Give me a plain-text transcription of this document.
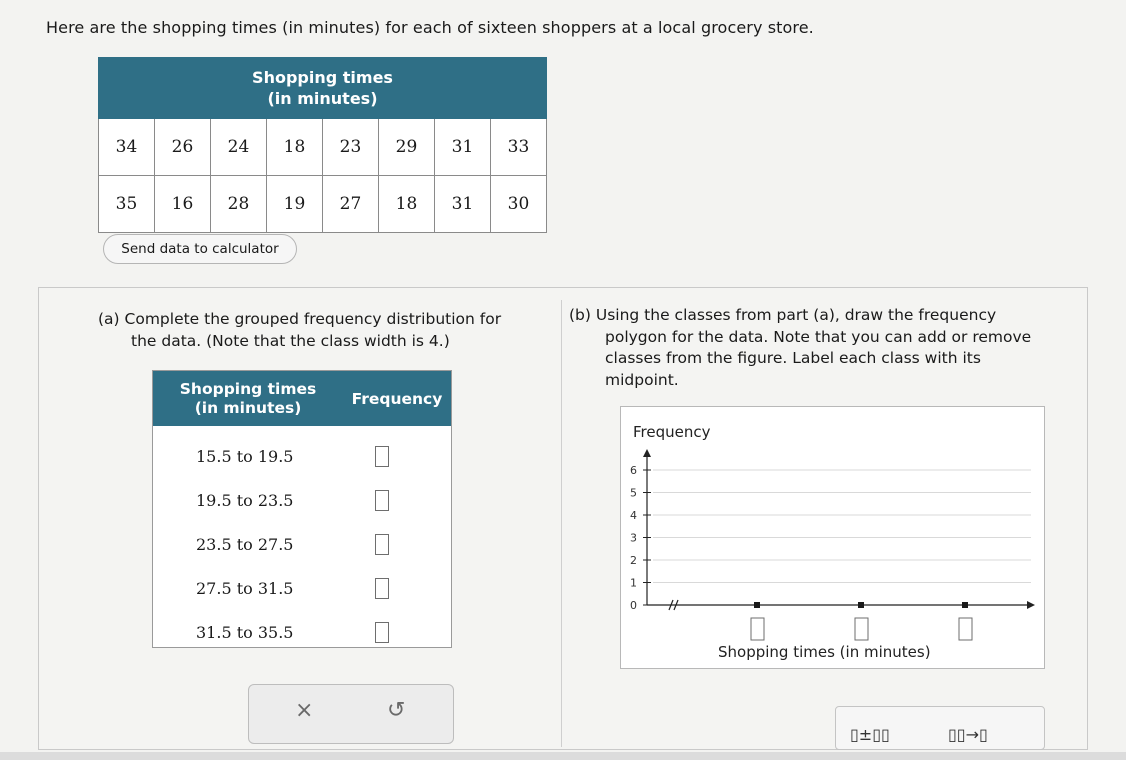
Here are the shopping times (in minutes) for each of sixteen shoppers at a local grocery store.
Shopping times
(in minutes)							
34	26	24	18	23	29	31	33
35	16	28	19	27	18	31	30
Send data to calculator
(a) Complete the grouped frequency distribution for
the data. (Note that the class width is 4.)
(b) Using the classes from part (a), draw the frequency
polygon for the data. Note that you can add or remove
classes from the figure. Label each class with its
midpoint.
Shopping times
(in minutes)	Frequency
15.5 to 19.5
19.5 to 23.5
23.5 to 27.5
27.5 to 31.5
31.5 to 35.5
Frequency
Shopping times (in minutes)
0
1
2
3
4
5
6
×	↺
▯±▯▯	▯▯→▯
